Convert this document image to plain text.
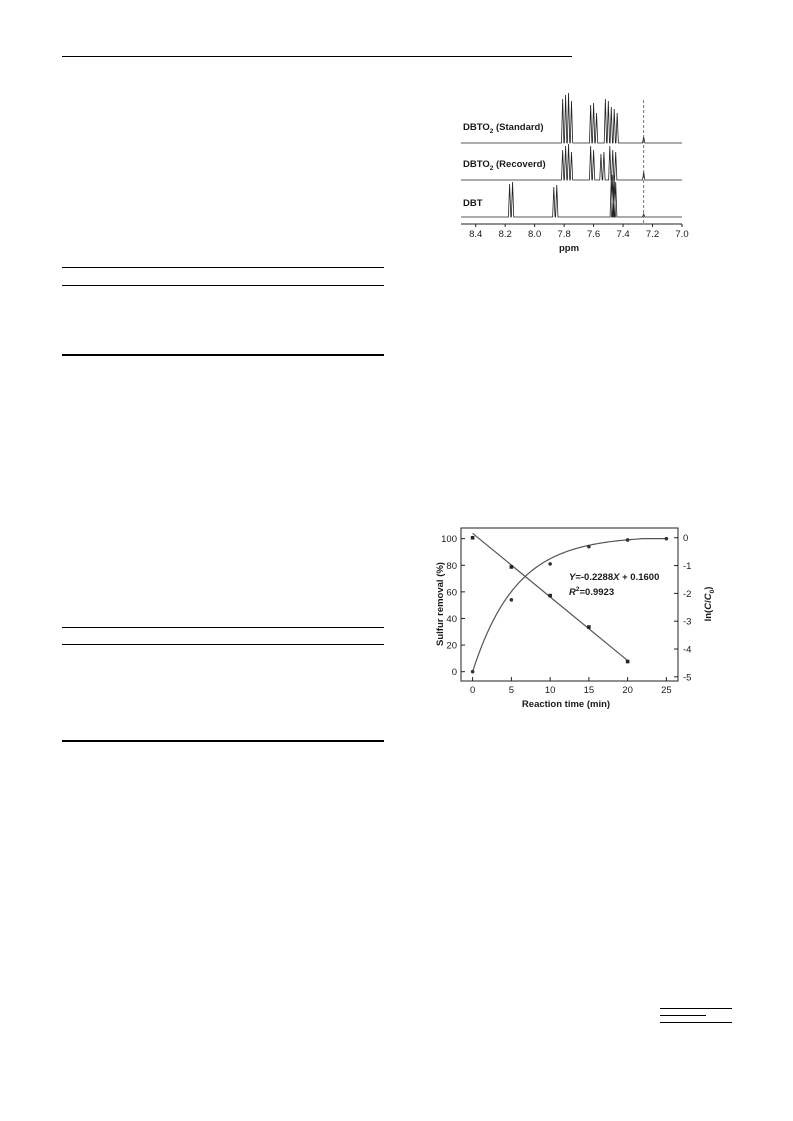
$DBTO_2$ (Standard)
$DBTO_2$ (Recoverd)
DBT
8.4 8.2 8.0 7.8 7.6 7.4 7.2 7.0
ppm
0	5	10	15	20	25
0
20
40
60
80
100	0
-1
-2
-3
-4
-5
Reaction time (min)
Sulfur removal (%)	$\ln(C/C_0)$
Y=-0.2288X + 0.1600
$R^2=0.9923$
